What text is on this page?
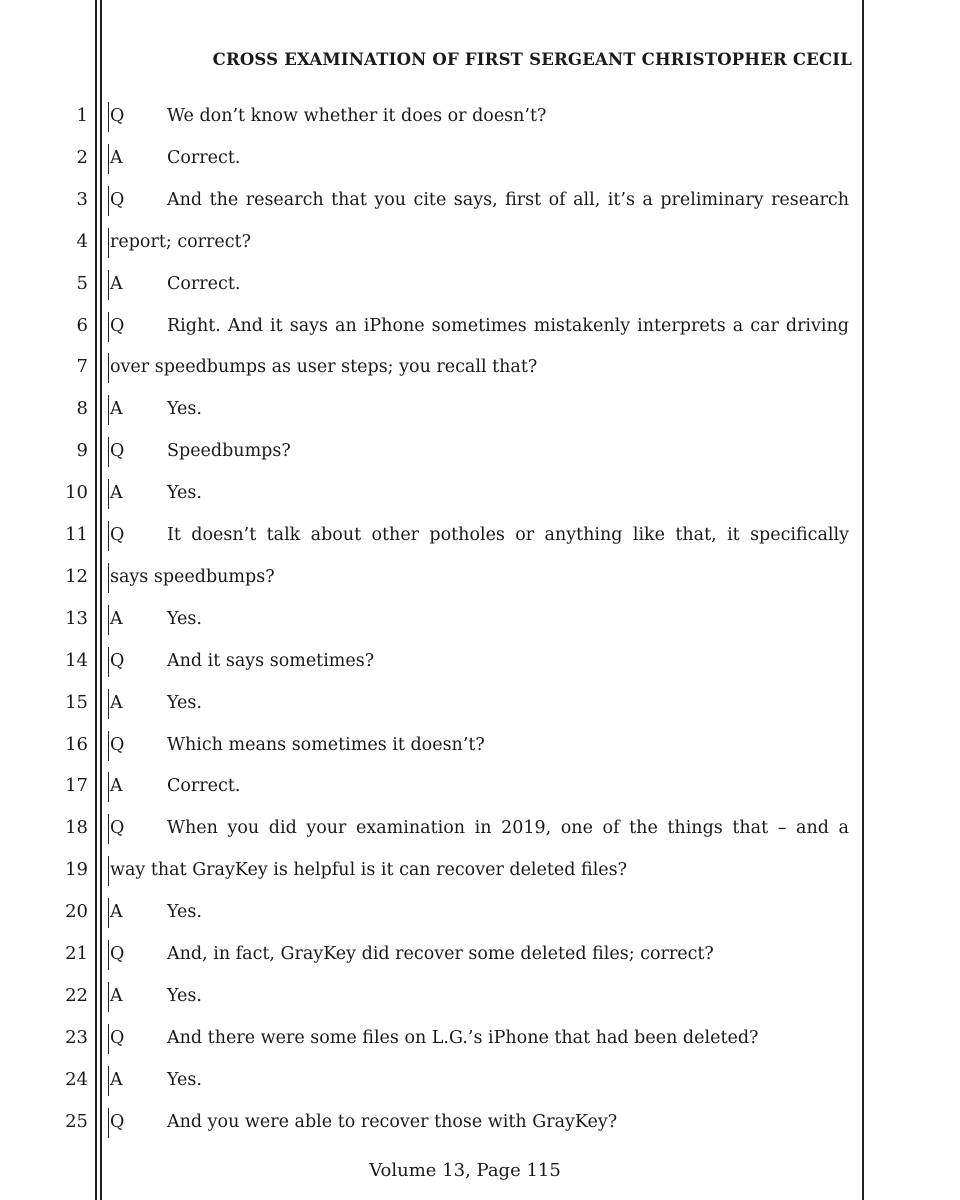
CROSS EXAMINATION OF FIRST SERGEANT CHRISTOPHER CECIL
1 Q We don’t know whether it does or doesn’t?
2 A	Correct.
3 Q And the research that you cite says, first of all, it’s a preliminary research
4 report; correct?
5 A	Correct.
6 Q Right. And it says an iPhone sometimes mistakenly interprets a car driving
7 over speedbumps as user steps; you recall that?
8 A	Yes.
9 Q Speedbumps?
10 A	Yes.
11 Q It doesn’t talk about other potholes or anything like that, it specifically
12 says speedbumps?
13 A	Yes.
14 Q And it says sometimes?
15 A	Yes.
16 Q Which means sometimes it doesn’t?
17 A	Correct.
18 Q When you did your examination in 2019, one of the things that – and a
19 way that GrayKey is helpful is it can recover deleted files?
20 A	Yes.
21 Q And, in fact, GrayKey did recover some deleted files; correct?
22 A	Yes.
23 Q And there were some files on L.G.’s iPhone that had been deleted?
24 A	Yes.
25 Q And you were able to recover those with GrayKey?
Volume 13, Page 115
